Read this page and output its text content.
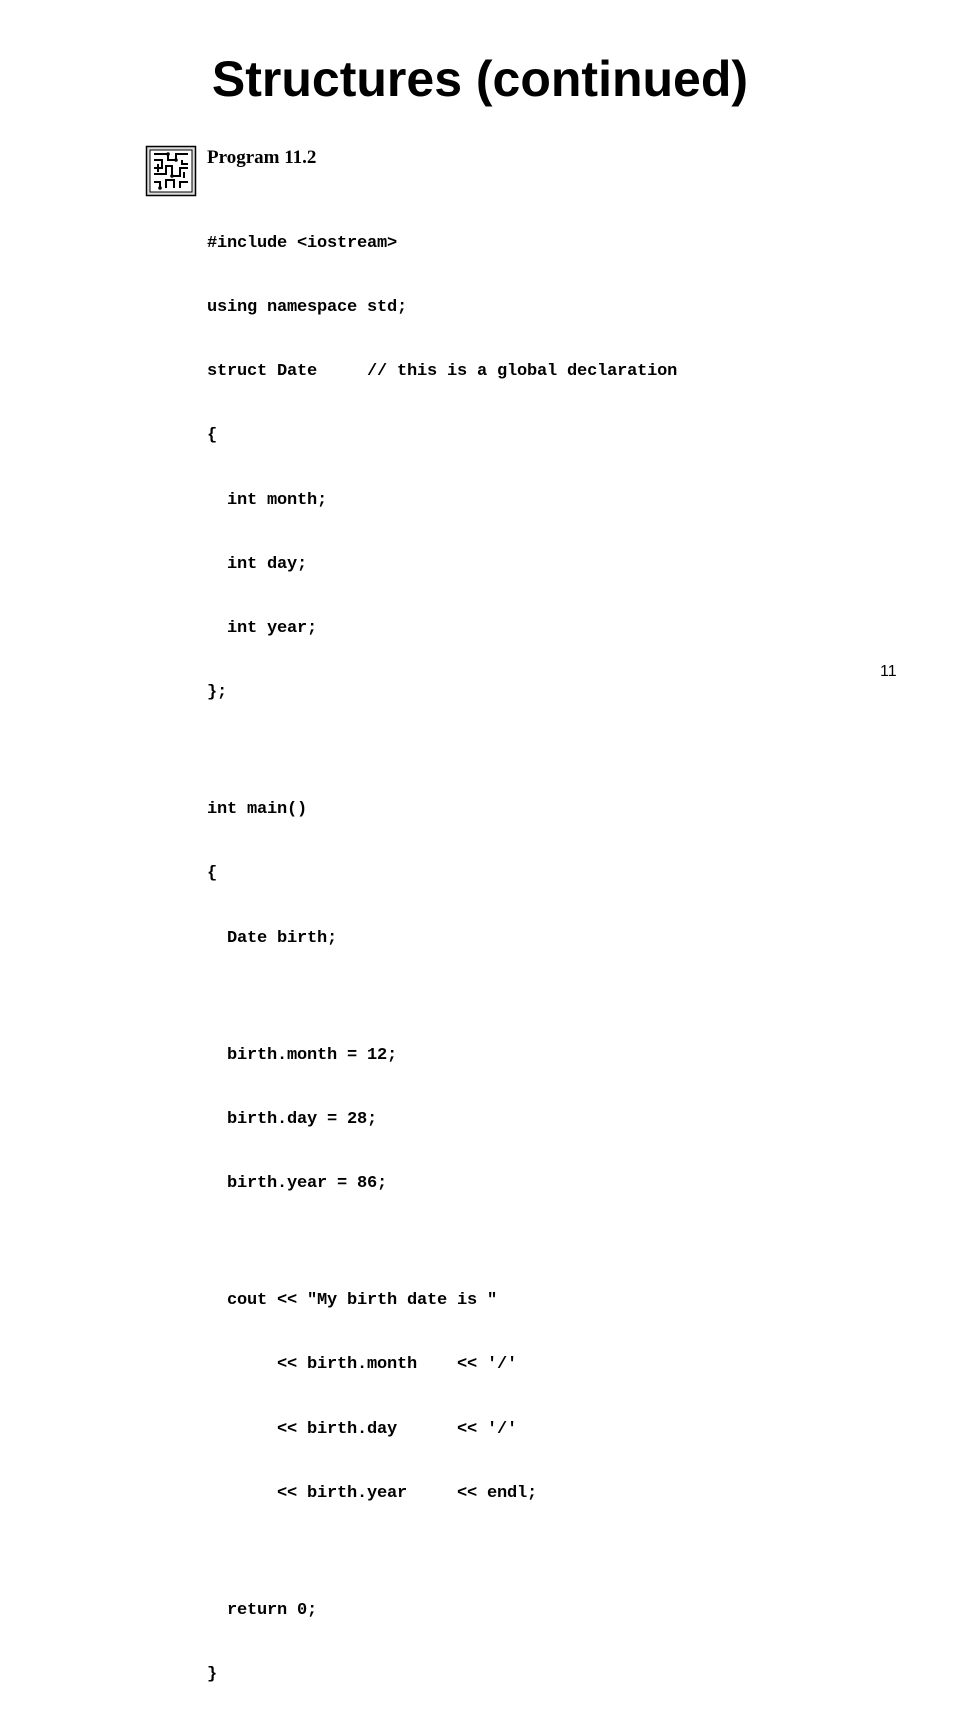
Structures (continued)
Program 11.2

#include <iostream>

using namespace std;

struct Date     // this is a global declaration

{

int month;

int day;

int year;

};

int main()

{

Date birth;

birth.month = 12;

birth.day = 28;

birth.year = 86;

cout << "My birth date is "

<< birth.month    << '/'

<< birth.day      << '/'

<< birth.year     << endl;

return 0;

}

11
